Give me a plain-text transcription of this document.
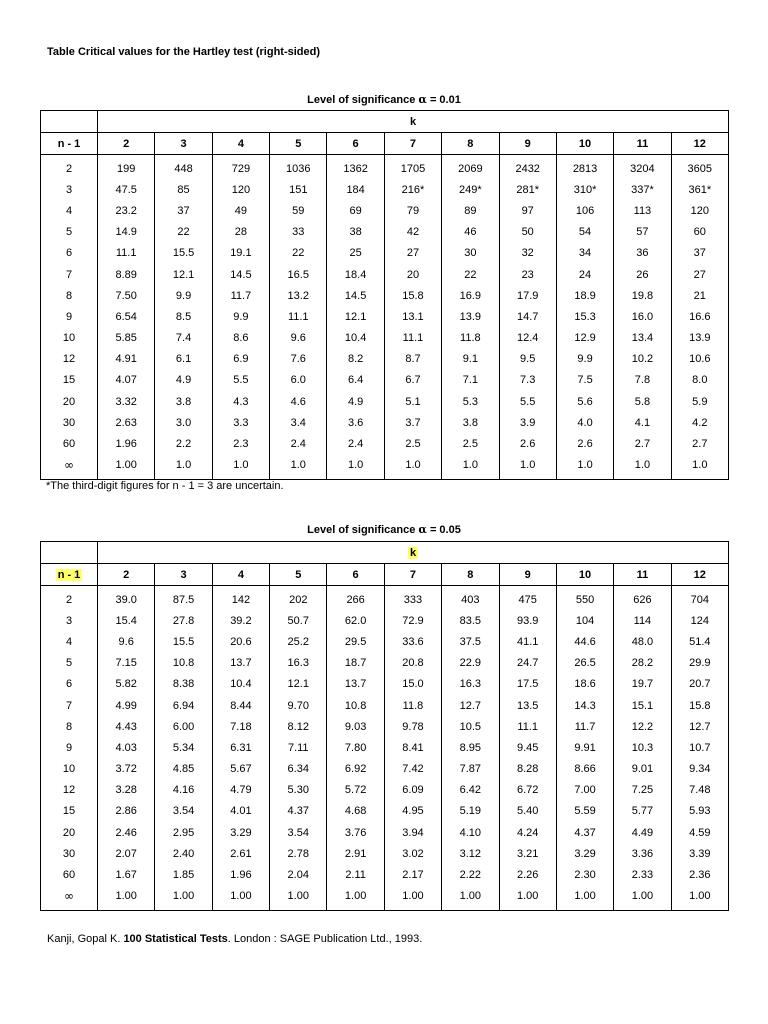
Table Critical values for the Hartley test (right-sided)
Level of significance α = 0.01
	k										
n - 1	2	3	4	5	6	7	8	9	10	11	12
2	199	448	729	1036	1362	1705	2069	2432	2813	3204	3605
3	47.5	85	120	151	184	216*	249*	281*	310*	337*	361*
4	23.2	37	49	59	69	79	89	97	106	113	120
5	14.9	22	28	33	38	42	46	50	54	57	60
6	11.1	15.5	19.1	22	25	27	30	32	34	36	37
7	8.89	12.1	14.5	16.5	18.4	20	22	23	24	26	27
8	7.50	9.9	11.7	13.2	14.5	15.8	16.9	17.9	18.9	19.8	21
9	6.54	8.5	9.9	11.1	12.1	13.1	13.9	14.7	15.3	16.0	16.6
10	5.85	7.4	8.6	9.6	10.4	11.1	11.8	12.4	12.9	13.4	13.9
12	4.91	6.1	6.9	7.6	8.2	8.7	9.1	9.5	9.9	10.2	10.6
15	4.07	4.9	5.5	6.0	6.4	6.7	7.1	7.3	7.5	7.8	8.0
20	3.32	3.8	4.3	4.6	4.9	5.1	5.3	5.5	5.6	5.8	5.9
30	2.63	3.0	3.3	3.4	3.6	3.7	3.8	3.9	4.0	4.1	4.2
60	1.96	2.2	2.3	2.4	2.4	2.5	2.5	2.6	2.6	2.7	2.7
∞	1.00	1.0	1.0	1.0	1.0	1.0	1.0	1.0	1.0	1.0	1.0
*The third-digit figures for n - 1 = 3 are uncertain.
Level of significance α = 0.05
	k										
n - 1	2	3	4	5	6	7	8	9	10	11	12
2	39.0	87.5	142	202	266	333	403	475	550	626	704
3	15.4	27.8	39.2	50.7	62.0	72.9	83.5	93.9	104	114	124
4	9.6	15.5	20.6	25.2	29.5	33.6	37.5	41.1	44.6	48.0	51.4
5	7.15	10.8	13.7	16.3	18.7	20.8	22.9	24.7	26.5	28.2	29.9
6	5.82	8.38	10.4	12.1	13.7	15.0	16.3	17.5	18.6	19.7	20.7
7	4.99	6.94	8.44	9.70	10.8	11.8	12.7	13.5	14.3	15.1	15.8
8	4.43	6.00	7.18	8.12	9.03	9.78	10.5	11.1	11.7	12.2	12.7
9	4.03	5.34	6.31	7.11	7.80	8.41	8.95	9.45	9.91	10.3	10.7
10	3.72	4.85	5.67	6.34	6.92	7.42	7.87	8.28	8.66	9.01	9.34
12	3.28	4.16	4.79	5.30	5.72	6.09	6.42	6.72	7.00	7.25	7.48
15	2.86	3.54	4.01	4.37	4.68	4.95	5.19	5.40	5.59	5.77	5.93
20	2.46	2.95	3.29	3.54	3.76	3.94	4.10	4.24	4.37	4.49	4.59
30	2.07	2.40	2.61	2.78	2.91	3.02	3.12	3.21	3.29	3.36	3.39
60	1.67	1.85	1.96	2.04	2.11	2.17	2.22	2.26	2.30	2.33	2.36
∞	1.00	1.00	1.00	1.00	1.00	1.00	1.00	1.00	1.00	1.00	1.00
Kanji, Gopal K. 100 Statistical Tests. London : SAGE Publication Ltd., 1993.
